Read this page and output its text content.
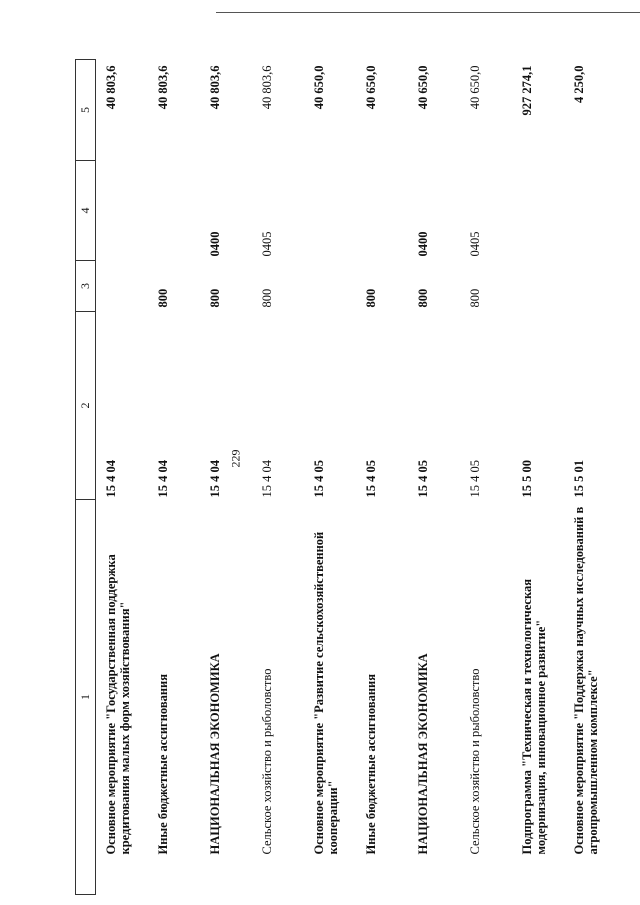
229
1	2	3	4	5
Основное мероприятие "Государственная поддержка кредитования малых форм хозяйствования"	15 4 04			40 803,6
Иные бюджетные ассигнования	15 4 04	800		40 803,6
НАЦИОНАЛЬНАЯ ЭКОНОМИКА	15 4 04	800	0400	40 803,6
Сельское хозяйство и рыболовство	15 4 04	800	0405	40 803,6
Основное мероприятие "Развитие сельскохозяйственной кооперации"	15 4 05			40 650,0
Иные бюджетные ассигнования	15 4 05	800		40 650,0
НАЦИОНАЛЬНАЯ ЭКОНОМИКА	15 4 05	800	0400	40 650,0
Сельское хозяйство и рыболовство	15 4 05	800	0405	40 650,0
Подпрограмма "Техническая и технологическая модернизация, инновационное развитие"	15 5 00			927 274,1
Основное мероприятие "Поддержка научных исследований в агропромышленном комплексе"	15 5 01			4 250,0
